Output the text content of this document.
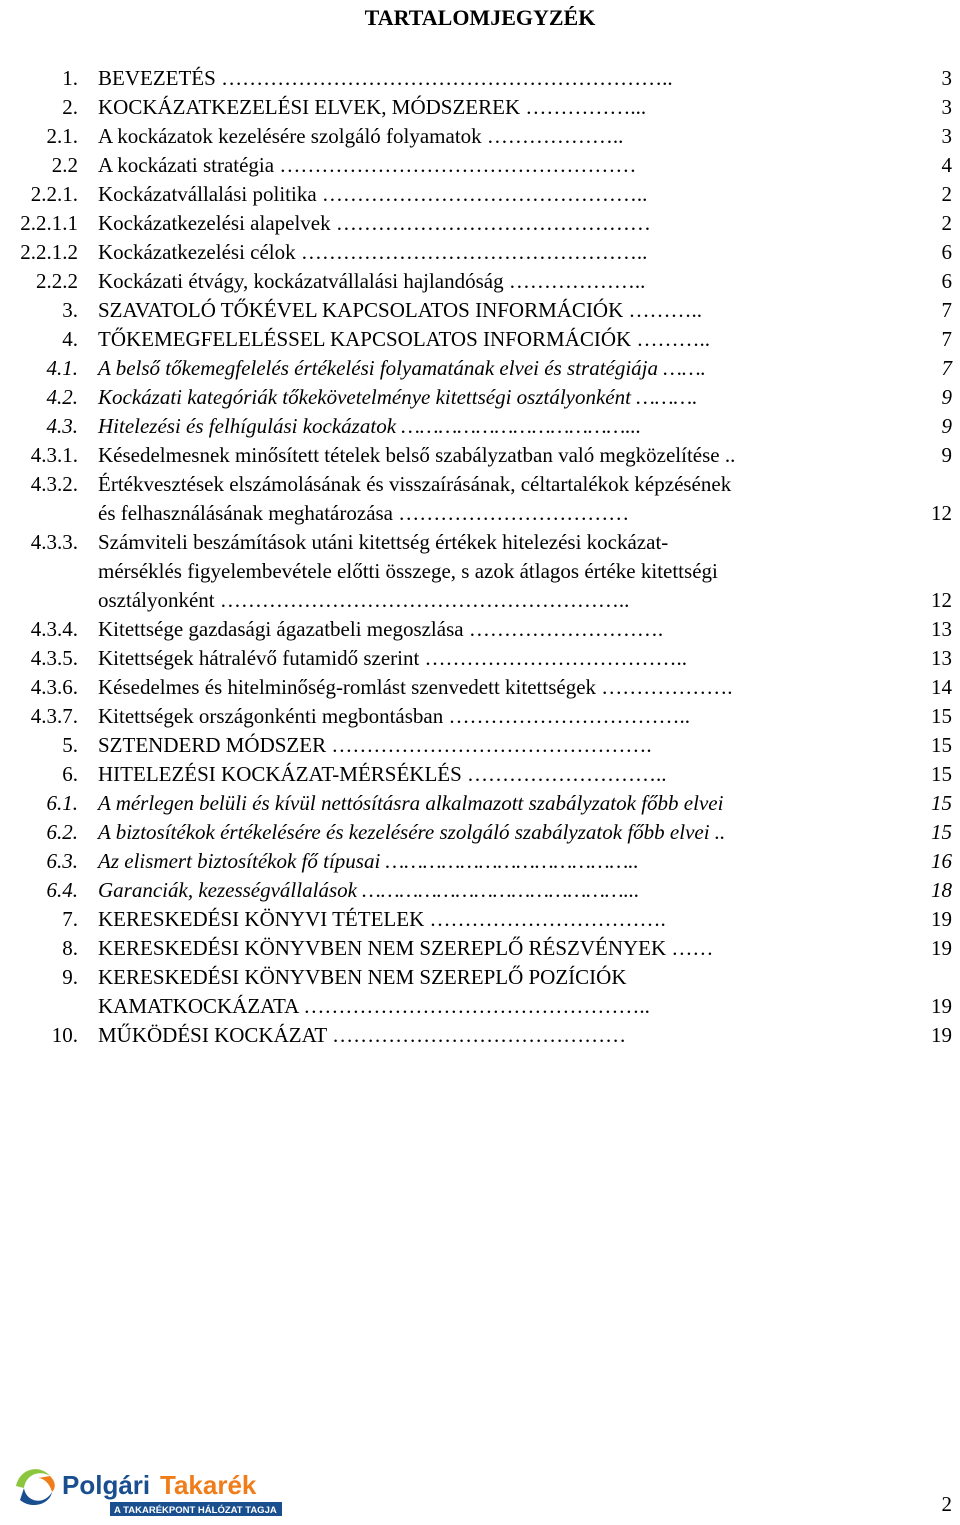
TARTALOMJEGYZÉK
1. BEVEZETÉS ………………………………………………………..	3
2. KOCKÁZATKEZELÉSI ELVEK, MÓDSZEREK ……………...	3
2.1. A kockázatok kezelésére szolgáló folyamatok ………………..	3
2.2 A kockázati stratégia ……………………………………………	4
2.2.1. Kockázatvállalási politika ………………………………………..	2
2.2.1.1 Kockázatkezelési alapelvek ………………………………………	2
2.2.1.2 Kockázatkezelési célok …………………………………………..	6
2.2.2 Kockázati étvágy, kockázatvállalási hajlandóság ………………..	6
3. SZAVATOLÓ TŐKÉVEL KAPCSOLATOS INFORMÁCIÓK ………..	7
4. TŐKEMEGFELELÉSSEL KAPCSOLATOS INFORMÁCIÓK ………..	7
4.1. A belső tőkemegfelelés értékelési folyamatának elvei és stratégiája …….	7
4.2. Kockázati kategóriák tőkekövetelménye kitettségi osztályonként ……….	9
4.3. Hitelezési és felhígulási kockázatok ………………………………...	9
4.3.1. Késedelmesnek minősített tételek belső szabályzatban való megközelítése ..	9
4.3.2. Értékvesztések elszámolásának és visszaírásának, céltartalékok képzésének
és felhasználásának meghatározása ……………………………	12
4.3.3. Számviteli beszámítások utáni kitettség értékek hitelezési kockázat-
mérséklés figyelembevétele előtti összege, s azok átlagos értéke kitettségi
osztályonként …………………………………………………..	12
4.3.4. Kitettsége gazdasági ágazatbeli megoszlása ……………………….	13
4.3.5. Kitettségek hátralévő futamidő szerint ………………………………..	13
4.3.6. Késedelmes és hitelminőség-romlást szenvedett kitettségek ……………….	14
4.3.7. Kitettségek országonkénti megbontásban ……………………………..	15
5. SZTENDERD MÓDSZER ……………………………………….	15
6. HITELEZÉSI KOCKÁZAT-MÉRSÉKLÉS ………………………..	15
6.1. A mérlegen belüli és kívül nettósításra alkalmazott szabályzatok főbb elvei	15
6.2. A biztosítékok értékelésére és kezelésére szolgáló szabályzatok főbb elvei ..	15
6.3. Az elismert biztosítékok fő típusai …………………………………..	16
6.4. Garanciák, kezességvállalások ……………………………………...	18
7. KERESKEDÉSI KÖNYVI TÉTELEK …………………………….	19
8. KERESKEDÉSI KÖNYVBEN NEM SZEREPLŐ RÉSZVÉNYEK ……	19
9. KERESKEDÉSI KÖNYVBEN NEM SZEREPLŐ POZÍCIÓK
KAMATKOCKÁZATA …………………………………………..	19
10. MŰKÖDÉSI KOCKÁZAT ……………………………………	19
Polgári Takarék
A TAKARÉKPONT HÁLÓZAT TAGJA	2
